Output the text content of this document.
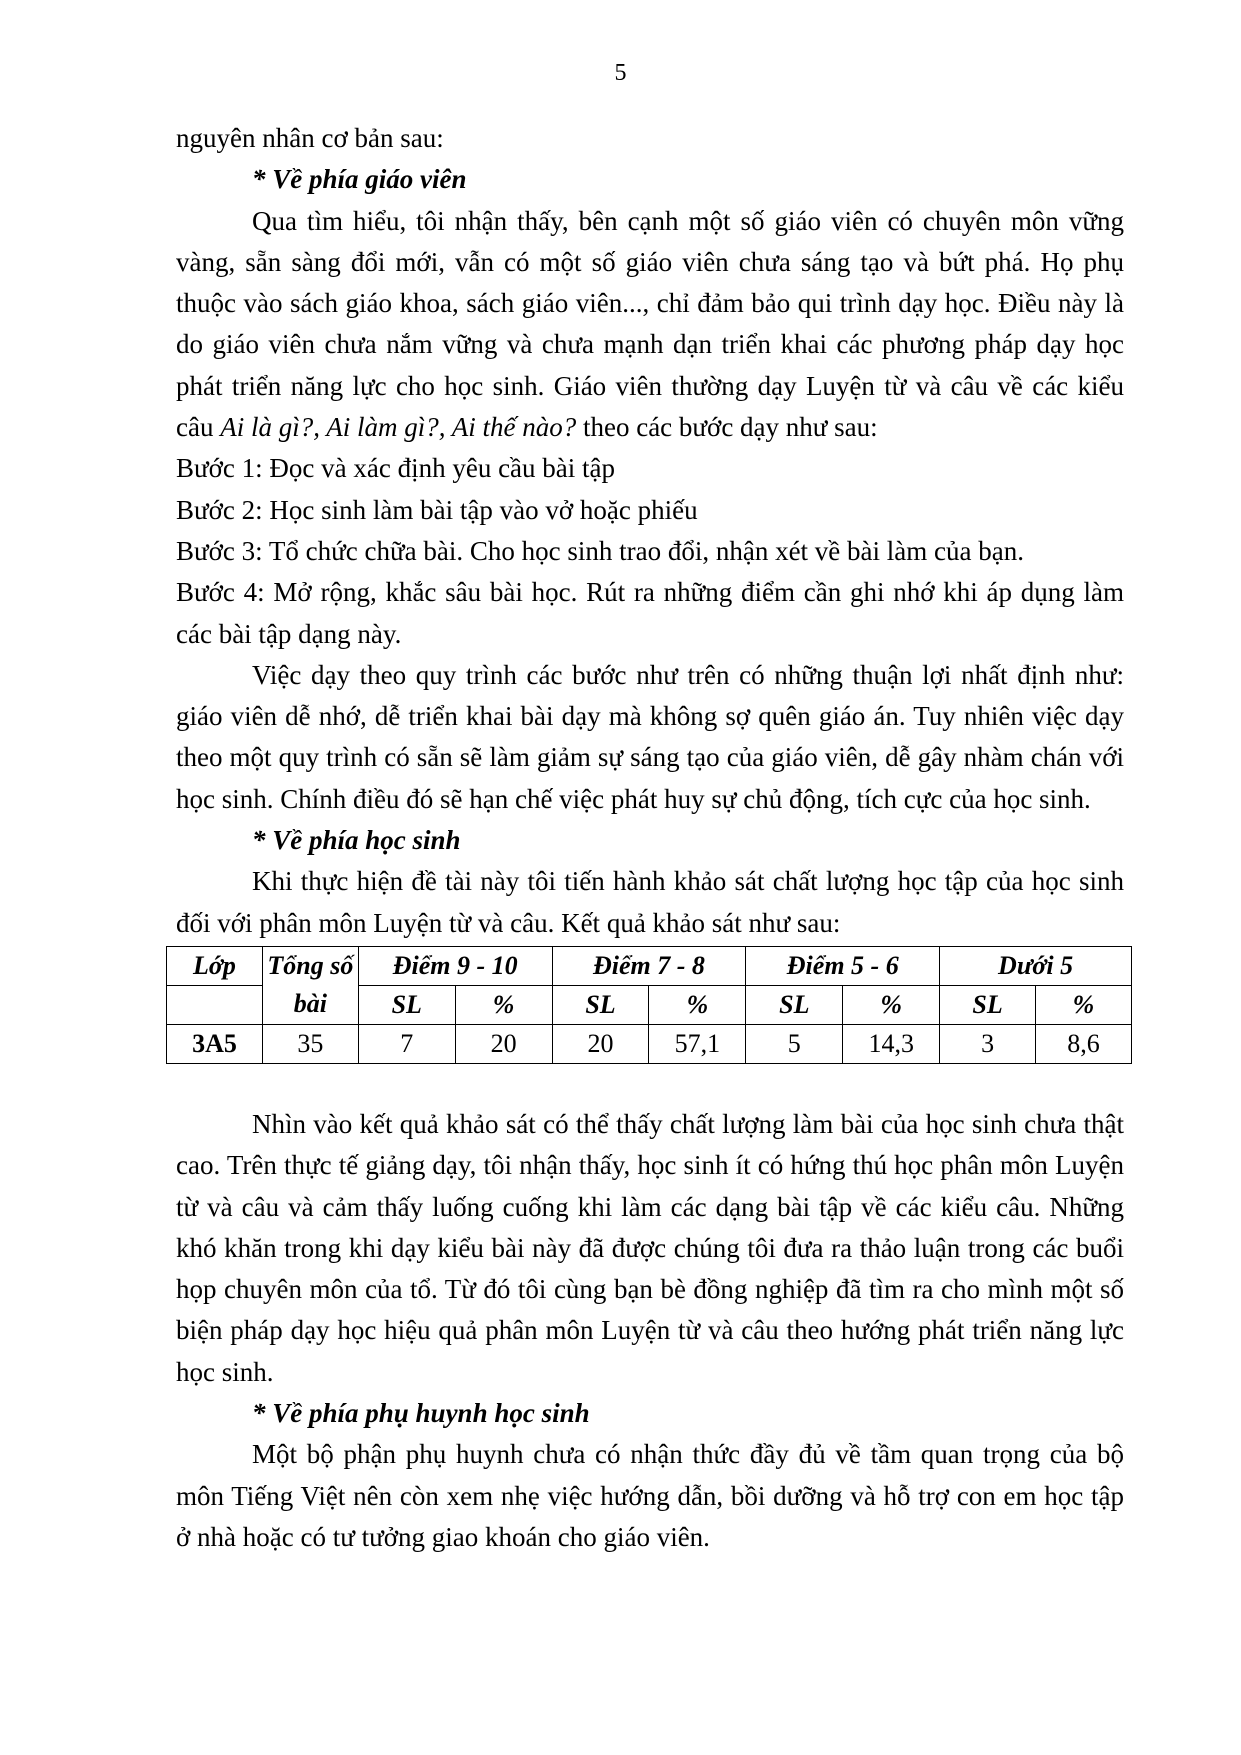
5

nguyên nhân cơ bản sau:

* Về phía giáo viên

Qua tìm hiểu, tôi nhận thấy, bên cạnh một số giáo viên có chuyên môn vững vàng, sẵn sàng đổi mới, vẫn có một số giáo viên chưa sáng tạo và bứt phá. Họ phụ thuộc vào sách giáo khoa, sách giáo viên..., chỉ đảm bảo qui trình dạy học. Điều này là do giáo viên chưa nắm vững và chưa mạnh dạn triển khai các phương pháp dạy học phát triển năng lực cho học sinh. Giáo viên thường dạy Luyện từ và câu về các kiểu câu Ai là gì?, Ai làm gì?, Ai thế nào? theo các bước dạy như sau:

Bước 1: Đọc và xác định yêu cầu bài tập

Bước 2: Học sinh làm bài tập vào vở hoặc phiếu

Bước 3: Tổ chức chữa bài. Cho học sinh trao đổi, nhận xét về bài làm của bạn.

Bước 4: Mở rộng, khắc sâu bài học. Rút ra những điểm cần ghi nhớ khi áp dụng làm các bài tập dạng này.

Việc dạy theo quy trình các bước như trên có những thuận lợi nhất định như: giáo viên dễ nhớ, dễ triển khai bài dạy mà không sợ quên giáo án. Tuy nhiên việc dạy theo một quy trình có sẵn sẽ làm giảm sự sáng tạo của giáo viên, dễ gây nhàm chán với học sinh. Chính điều đó sẽ hạn chế việc phát huy sự chủ động, tích cực của học sinh.

* Về phía học sinh

Khi thực hiện đề tài này tôi tiến hành khảo sát chất lượng học tập của học sinh đối với phân môn Luyện từ và câu. Kết quả khảo sát như sau:

Lớp	Tổng số bài	Điểm 9 - 10		Điểm 7 - 8		Điểm 5 - 6		Dưới 5	
		SL	%	SL	%	SL	%	SL	%
3A5	35	7	20	20	57,1	5	14,3	3	8,6

Nhìn vào kết quả khảo sát có thể thấy chất lượng làm bài của học sinh chưa thật cao. Trên thực tế giảng dạy, tôi nhận thấy, học sinh ít có hứng thú học phân môn Luyện từ và câu và cảm thấy luống cuống khi làm các dạng bài tập về các kiểu câu. Những khó khăn trong khi dạy kiểu bài này đã được chúng tôi đưa ra thảo luận trong các buổi họp chuyên môn của tổ. Từ đó tôi cùng bạn bè đồng nghiệp đã tìm ra cho mình một số biện pháp dạy học hiệu quả phân môn Luyện từ và câu theo hướng phát triển năng lực học sinh.

* Về phía phụ huynh học sinh

Một bộ phận phụ huynh chưa có nhận thức đầy đủ về tầm quan trọng của bộ môn Tiếng Việt nên còn xem nhẹ việc hướng dẫn, bồi dưỡng và hỗ trợ con em học tập ở nhà hoặc có tư tưởng giao khoán cho giáo viên.
